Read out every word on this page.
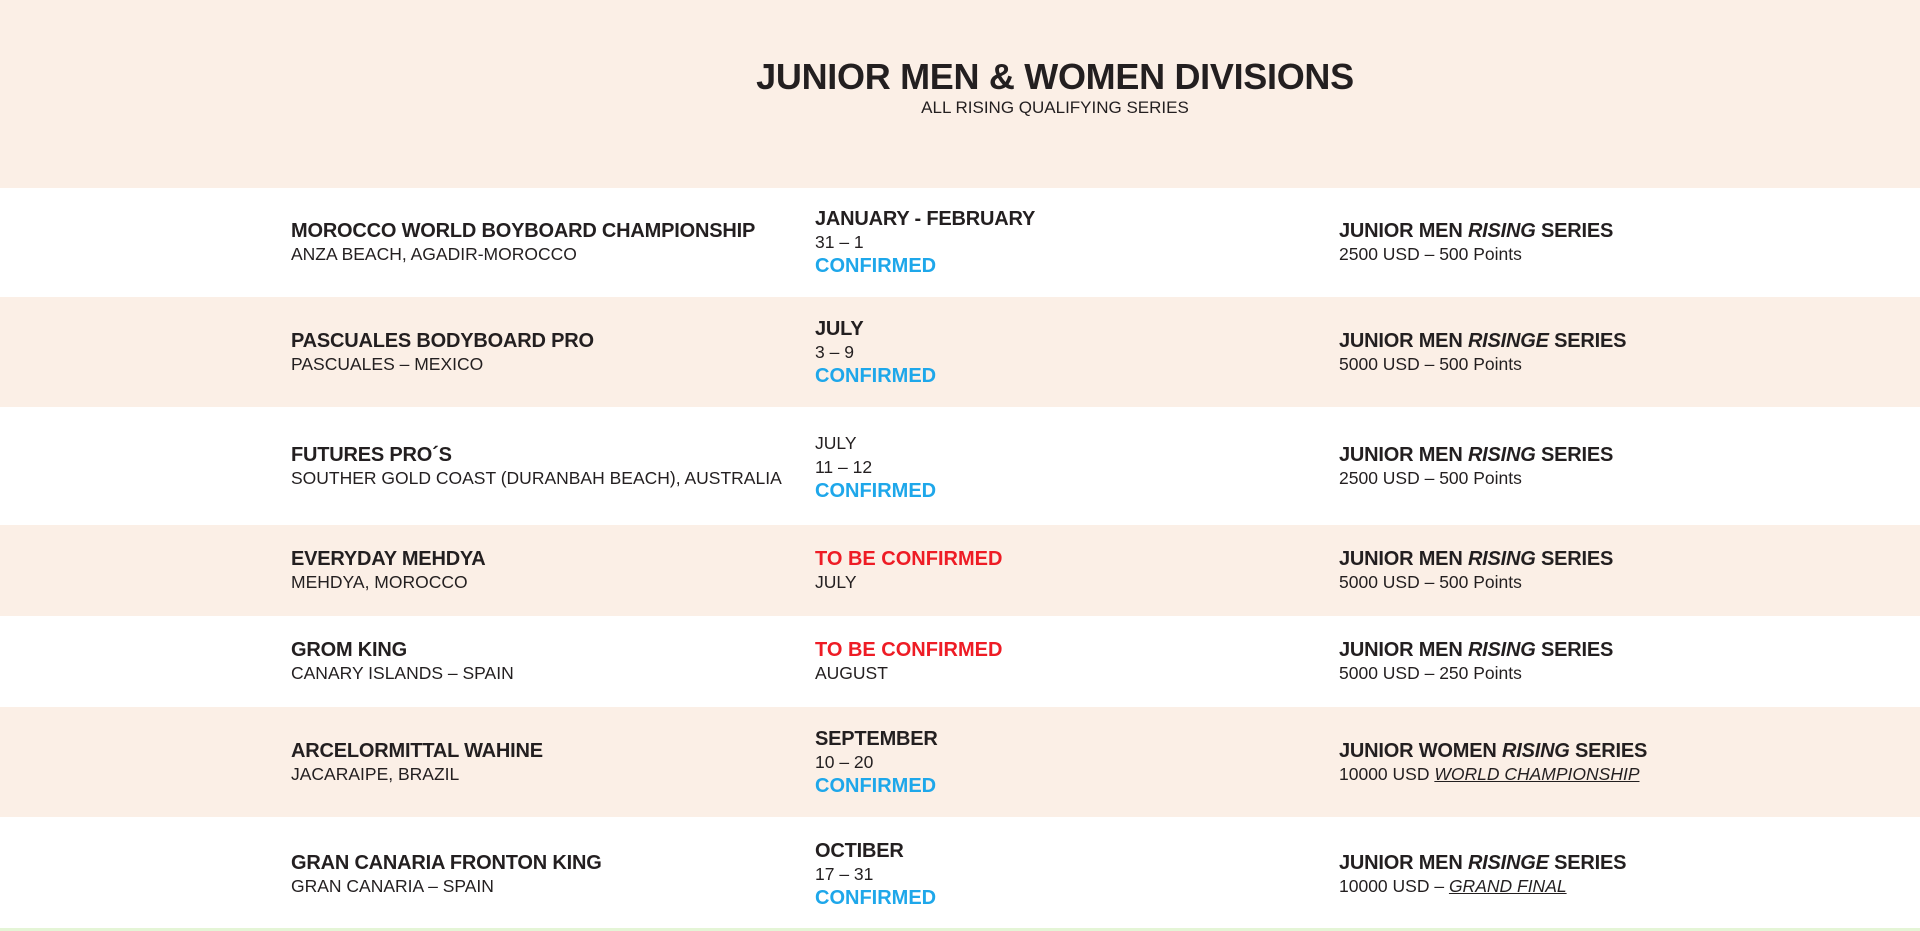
JUNIOR MEN & WOMEN DIVISIONS
ALL RISING QUALIFYING SERIES
MOROCCO WORLD BOYBOARD CHAMPIONSHIP
ANZA BEACH, AGADIR-MOROCCO
JANUARY - FEBRUARY
31 – 1
CONFIRMED
JUNIOR MEN RISING SERIES
2500 USD – 500 Points
PASCUALES BODYBOARD PRO
PASCUALES – MEXICO
JULY
3 – 9
CONFIRMED
JUNIOR MEN RISINGE SERIES
5000 USD – 500 Points
FUTURES PRO´S
SOUTHER GOLD COAST (DURANBAH BEACH), AUSTRALIA
JULY
11 – 12
CONFIRMED
JUNIOR MEN RISING SERIES
2500 USD – 500 Points
EVERYDAY MEHDYA
MEHDYA, MOROCCO
TO BE CONFIRMED
JULY
JUNIOR MEN RISING SERIES
5000 USD – 500 Points
GROM KING
CANARY ISLANDS – SPAIN
TO BE CONFIRMED
AUGUST
JUNIOR MEN RISING SERIES
5000 USD – 250 Points
ARCELORMITTAL WAHINE
JACARAIPE, BRAZIL
SEPTEMBER
10 – 20
CONFIRMED
JUNIOR WOMEN RISING SERIES
10000 USD WORLD CHAMPIONSHIP
GRAN CANARIA FRONTON KING
GRAN CANARIA – SPAIN
OCTIBER
17 – 31
CONFIRMED
JUNIOR MEN RISINGE SERIES
10000 USD – GRAND FINAL
